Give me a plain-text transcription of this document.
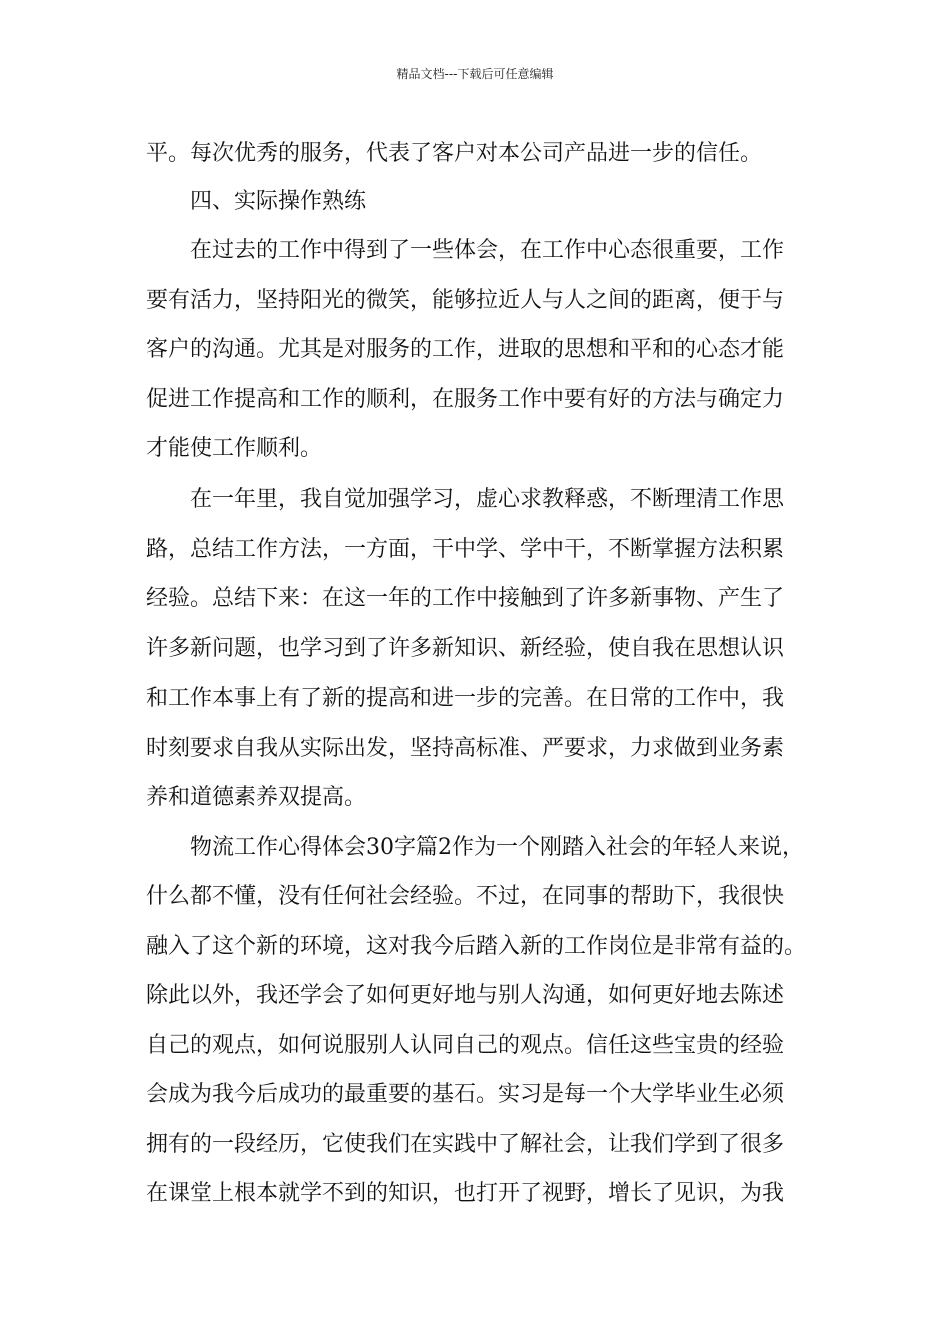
精品文档---下载后可任意编辑
平。每次优秀的服务，代表了客户对本公司产品进一步的信任。
四、实际操作熟练
在过去的工作中得到了一些体会，在工作中心态很重要，工作
要有活力，坚持阳光的微笑，能够拉近人与人之间的距离，便于与
客户的沟通。尤其是对服务的工作，进取的思想和平和的心态才能
促进工作提高和工作的顺利，在服务工作中要有好的方法与确定力
才能使工作顺利。
在一年里，我自觉加强学习，虚心求教释惑，不断理清工作思
路，总结工作方法，一方面，干中学、学中干，不断掌握方法积累
经验。总结下来：在这一年的工作中接触到了许多新事物、产生了
许多新问题，也学习到了许多新知识、新经验，使自我在思想认识
和工作本事上有了新的提高和进一步的完善。在日常的工作中，我
时刻要求自我从实际出发，坚持高标准、严要求，力求做到业务素
养和道德素养双提高。
物流工作心得体会30字篇2作为一个刚踏入社会的年轻人来说，
什么都不懂，没有任何社会经验。不过，在同事的帮助下，我很快
融入了这个新的环境，这对我今后踏入新的工作岗位是非常有益的。
除此以外，我还学会了如何更好地与别人沟通，如何更好地去陈述
自己的观点，如何说服别人认同自己的观点。信任这些宝贵的经验
会成为我今后成功的最重要的基石。实习是每一个大学毕业生必须
拥有的一段经历，它使我们在实践中了解社会，让我们学到了很多
在课堂上根本就学不到的知识，也打开了视野，增长了见识，为我
